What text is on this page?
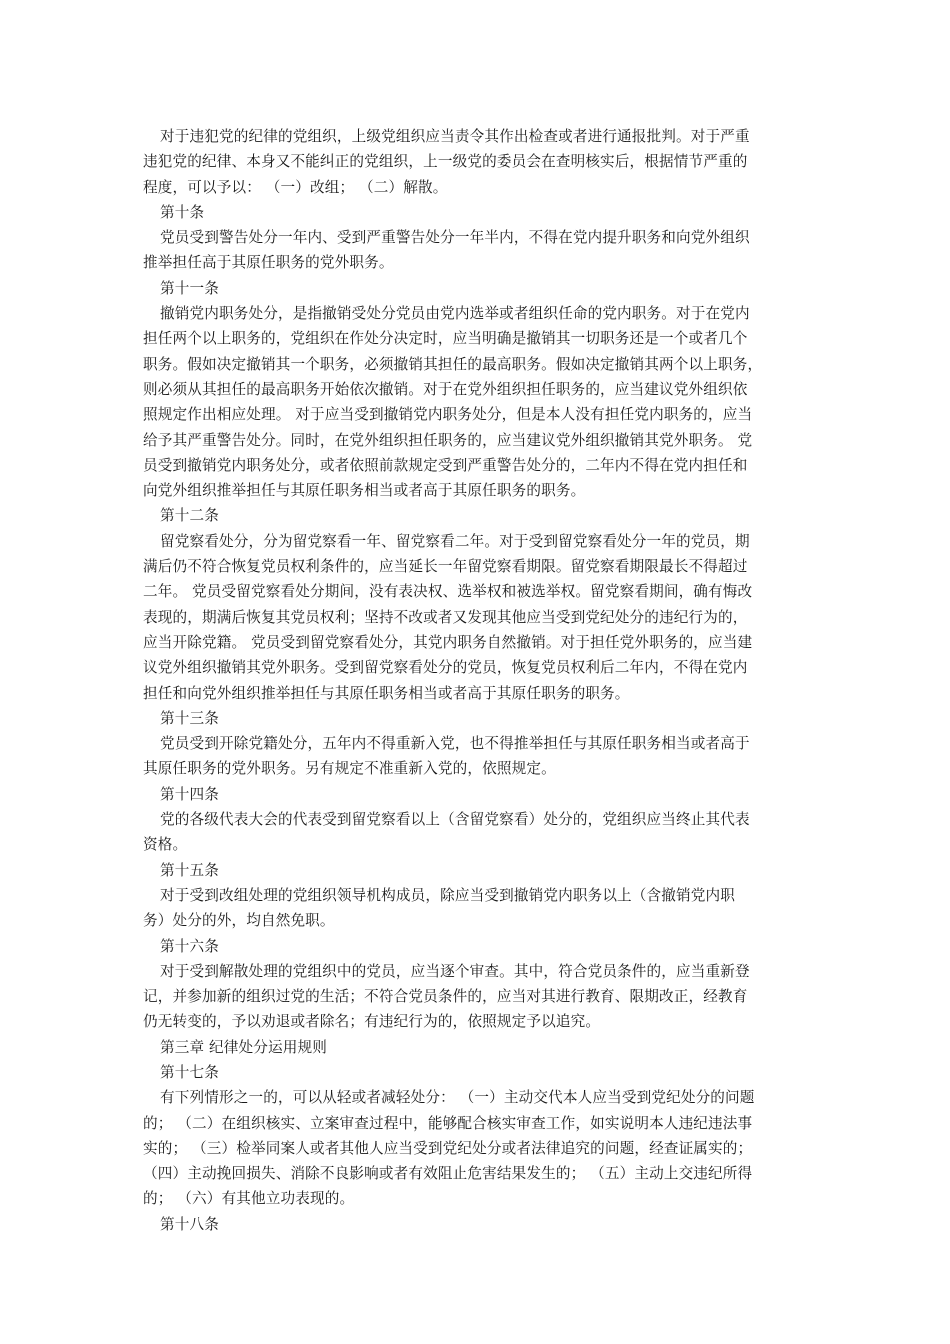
对于违犯党的纪律的党组织，上级党组织应当责令其作出检查或者进行通报批判。对于严重
违犯党的纪律、本身又不能纠正的党组织，上一级党的委员会在查明核实后，根据情节严重的
程度，可以予以： （一）改组； （二）解散。
第十条
党员受到警告处分一年内、受到严重警告处分一年半内，不得在党内提升职务和向党外组织
推举担任高于其原任职务的党外职务。
第十一条
撤销党内职务处分，是指撤销受处分党员由党内选举或者组织任命的党内职务。对于在党内
担任两个以上职务的，党组织在作处分决定时，应当明确是撤销其一切职务还是一个或者几个
职务。假如决定撤销其一个职务，必须撤销其担任的最高职务。假如决定撤销其两个以上职务，
则必须从其担任的最高职务开始依次撤销。对于在党外组织担任职务的，应当建议党外组织依
照规定作出相应处理。 对于应当受到撤销党内职务处分，但是本人没有担任党内职务的，应当
给予其严重警告处分。同时，在党外组织担任职务的，应当建议党外组织撤销其党外职务。 党
员受到撤销党内职务处分，或者依照前款规定受到严重警告处分的，二年内不得在党内担任和
向党外组织推举担任与其原任职务相当或者高于其原任职务的职务。
第十二条
留党察看处分，分为留党察看一年、留党察看二年。对于受到留党察看处分一年的党员，期
满后仍不符合恢复党员权利条件的，应当延长一年留党察看期限。留党察看期限最长不得超过
二年。 党员受留党察看处分期间，没有表决权、选举权和被选举权。留党察看期间，确有悔改
表现的，期满后恢复其党员权利；坚持不改或者又发现其他应当受到党纪处分的违纪行为的，
应当开除党籍。 党员受到留党察看处分，其党内职务自然撤销。对于担任党外职务的，应当建
议党外组织撤销其党外职务。受到留党察看处分的党员，恢复党员权利后二年内，不得在党内
担任和向党外组织推举担任与其原任职务相当或者高于其原任职务的职务。
第十三条
党员受到开除党籍处分，五年内不得重新入党，也不得推举担任与其原任职务相当或者高于
其原任职务的党外职务。另有规定不准重新入党的，依照规定。
第十四条
党的各级代表大会的代表受到留党察看以上（含留党察看）处分的，党组织应当终止其代表
资格。
第十五条
对于受到改组处理的党组织领导机构成员，除应当受到撤销党内职务以上（含撤销党内职
务）处分的外，均自然免职。
第十六条
对于受到解散处理的党组织中的党员，应当逐个审查。其中，符合党员条件的，应当重新登
记，并参加新的组织过党的生活；不符合党员条件的，应当对其进行教育、限期改正，经教育
仍无转变的，予以劝退或者除名；有违纪行为的，依照规定予以追究。
第三章 纪律处分运用规则
第十七条
有下列情形之一的，可以从轻或者减轻处分： （一）主动交代本人应当受到党纪处分的问题
的； （二）在组织核实、立案审查过程中，能够配合核实审查工作，如实说明本人违纪违法事
实的； （三）检举同案人或者其他人应当受到党纪处分或者法律追究的问题，经查证属实的；
（四）主动挽回损失、消除不良影响或者有效阻止危害结果发生的； （五）主动上交违纪所得
的； （六）有其他立功表现的。
第十八条
